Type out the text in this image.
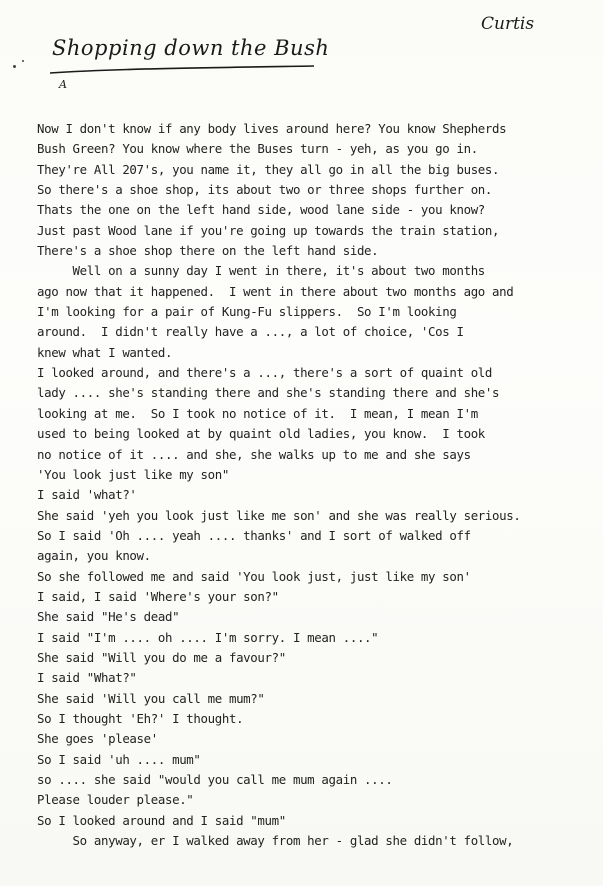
Curtis

Shopping down the Bush

A

Now I don't know if any body lives around here? You know Shepherds
Bush Green? You know where the Buses turn - yeh, as you go in.
They're All 207's, you name it, they all go in all the big buses.
So there's a shoe shop, its about two or three shops further on.
Thats the one on the left hand side, wood lane side - you know?
Just past Wood lane if you're going up towards the train station,
There's a shoe shop there on the left hand side.
Well on a sunny day I went in there, it's about two months
ago now that it happened.  I went in there about two months ago and
I'm looking for a pair of Kung-Fu slippers.  So I'm looking
around.  I didn't really have a ..., a lot of choice, 'Cos I
knew what I wanted.
I looked around, and there's a ..., there's a sort of quaint old
lady .... she's standing there and she's standing there and she's
looking at me.  So I took no notice of it.  I mean, I mean I'm
used to being looked at by quaint old ladies, you know.  I took
no notice of it .... and she, she walks up to me and she says
'You look just like my son"
I said 'what?'
She said 'yeh you look just like me son' and she was really serious.
So I said 'Oh .... yeah .... thanks' and I sort of walked off
again, you know.
So she followed me and said 'You look just, just like my son'
I said, I said 'Where's your son?"
She said "He's dead"
I said "I'm .... oh .... I'm sorry. I mean ...."
She said "Will you do me a favour?"
I said "What?"
She said 'Will you call me mum?"
So I thought 'Eh?' I thought.
She goes 'please'
So I said 'uh .... mum"
so .... she said "would you call me mum again ....
Please louder please."
So I looked around and I said "mum"
So anyway, er I walked away from her - glad she didn't follow,
